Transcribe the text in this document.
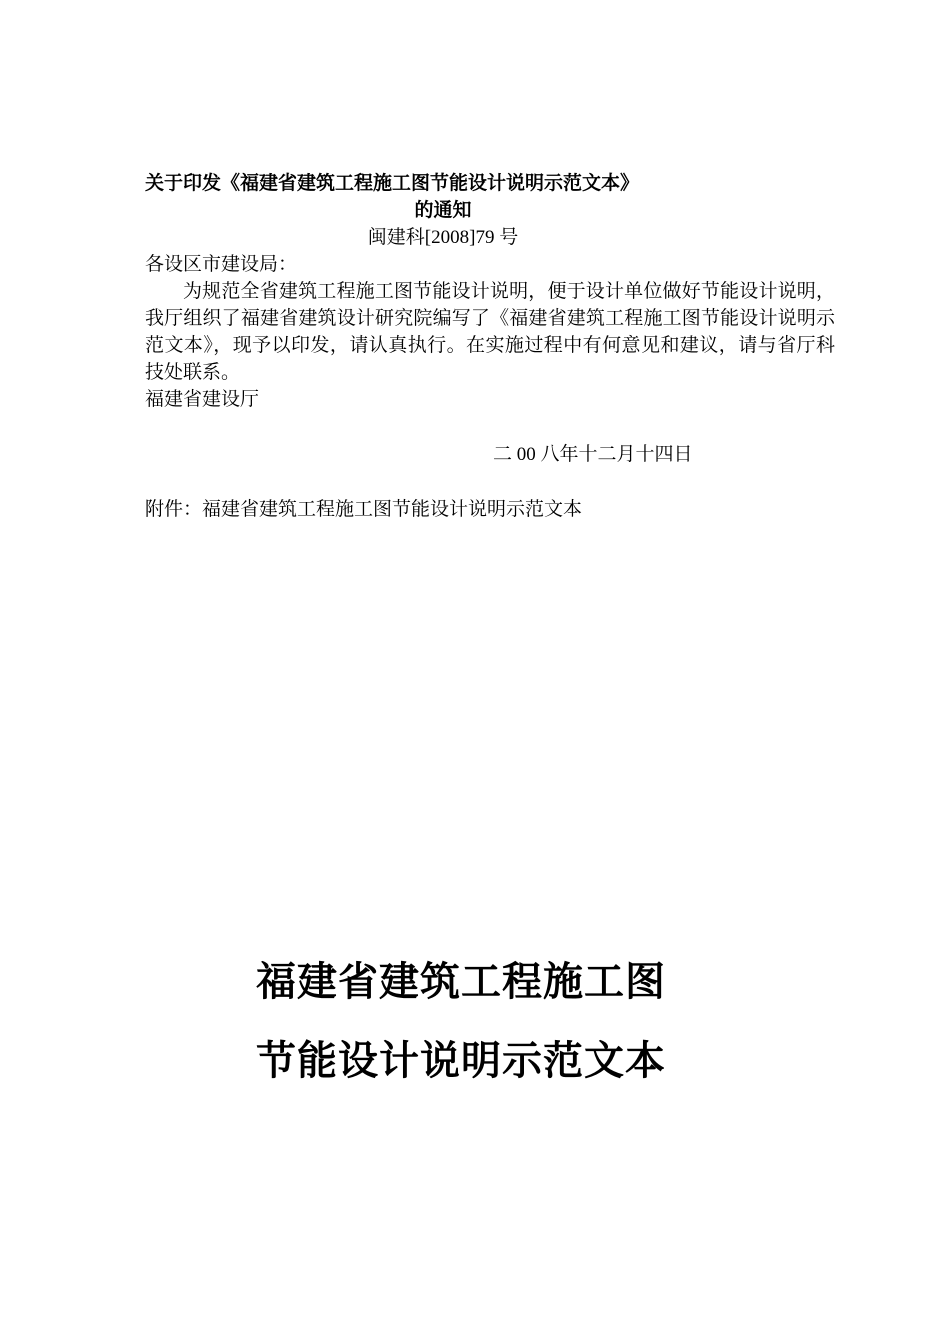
关于印发《福建省建筑工程施工图节能设计说明示范文本》
的通知
闽建科[2008]79 号
各设区市建设局：

为规范全省建筑工程施工图节能设计说明，便于设计单位做好节能设计说明，我厅组织了福建省建筑设计研究院编写了《福建省建筑工程施工图节能设计说明示范文本》，现予以印发，请认真执行。在实施过程中有何意见和建议，请与省厅科技处联系。

福建省建设厅

二 00 八年十二月十四日
附件：福建省建筑工程施工图节能设计说明示范文本
福建省建筑工程施工图
节能设计说明示范文本
